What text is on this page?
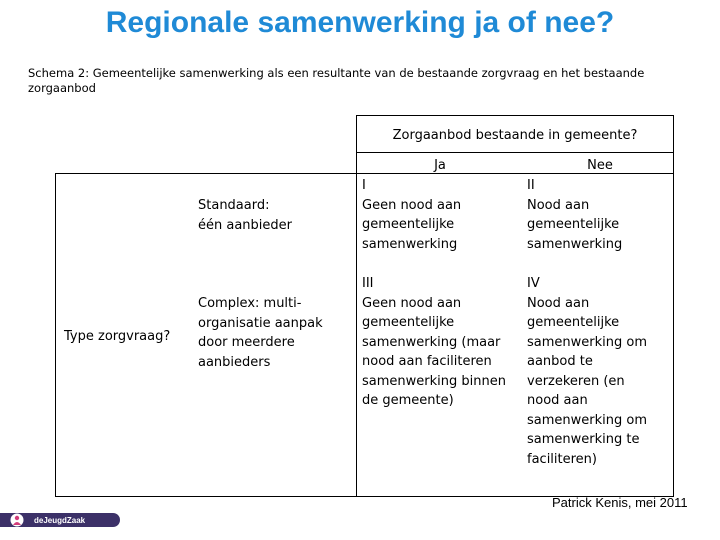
Regionale samenwerking ja of nee?
Schema 2: Gemeentelijke samenwerking als een resultante van de bestaande zorgvraag en het bestaande zorgaanbod
Zorgaanbod bestaande in gemeente?
Ja	Nee
Type zorgvraag?
Standaard:
één aanbieder
Complex: multi-
organisatie aanpak
door meerdere
aanbieders
I
Geen nood aan
gemeentelijke
samenwerking
II
Nood aan
gemeentelijke
samenwerking
III
Geen nood aan
gemeentelijke
samenwerking (maar
nood aan faciliteren
samenwerking binnen
de gemeente)
IV
Nood aan
gemeentelijke
samenwerking om
aanbod te
verzekeren (en
nood aan
samenwerking om
samenwerking te
faciliteren)
Patrick Kenis, mei 2011
deJeugdZaak
